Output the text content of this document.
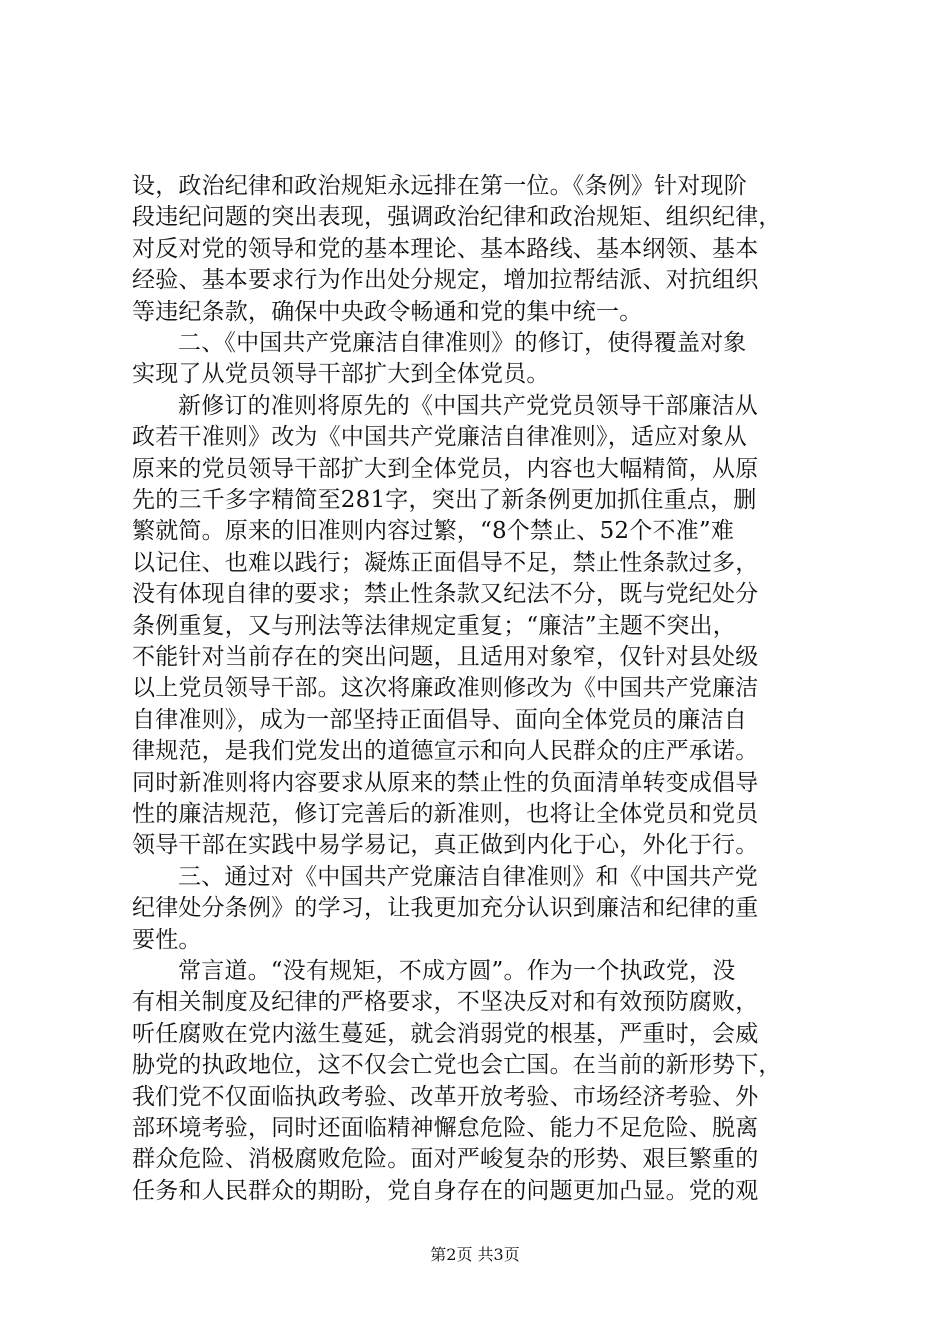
设，政治纪律和政治规矩永远排在第一位。《条例》针对现阶
段违纪问题的突出表现，强调政治纪律和政治规矩、组织纪律，
对反对党的领导和党的基本理论、基本路线、基本纲领、基本
经验、基本要求行为作出处分规定，增加拉帮结派、对抗组织
等违纪条款，确保中央政令畅通和党的集中统一。
二、《中国共产党廉洁自律准则》的修订，使得覆盖对象
实现了从党员领导干部扩大到全体党员。
新修订的准则将原先的《中国共产党党员领导干部廉洁从
政若干准则》改为《中国共产党廉洁自律准则》，适应对象从
原来的党员领导干部扩大到全体党员，内容也大幅精简，从原
先的三千多字精简至281字，突出了新条例更加抓住重点，删
繁就简。原来的旧准则内容过繁，“8个禁止、52个不准”难
以记住、也难以践行；凝炼正面倡导不足，禁止性条款过多，
没有体现自律的要求；禁止性条款又纪法不分，既与党纪处分
条例重复，又与刑法等法律规定重复；“廉洁”主题不突出，
不能针对当前存在的突出问题，且适用对象窄，仅针对县处级
以上党员领导干部。这次将廉政准则修改为《中国共产党廉洁
自律准则》，成为一部坚持正面倡导、面向全体党员的廉洁自
律规范，是我们党发出的道德宣示和向人民群众的庄严承诺。
同时新准则将内容要求从原来的禁止性的负面清单转变成倡导
性的廉洁规范，修订完善后的新准则，也将让全体党员和党员
领导干部在实践中易学易记，真正做到内化于心，外化于行。
三、通过对《中国共产党廉洁自律准则》和《中国共产党
纪律处分条例》的学习，让我更加充分认识到廉洁和纪律的重
要性。
常言道。“没有规矩，不成方圆”。作为一个执政党，没
有相关制度及纪律的严格要求，不坚决反对和有效预防腐败，
听任腐败在党内滋生蔓延，就会消弱党的根基，严重时，会威
胁党的执政地位，这不仅会亡党也会亡国。在当前的新形势下，
我们党不仅面临执政考验、改革开放考验、市场经济考验、外
部环境考验，同时还面临精神懈怠危险、能力不足危险、脱离
群众危险、消极腐败危险。面对严峻复杂的形势、艰巨繁重的
任务和人民群众的期盼，党自身存在的问题更加凸显。党的观
第2页 共3页
